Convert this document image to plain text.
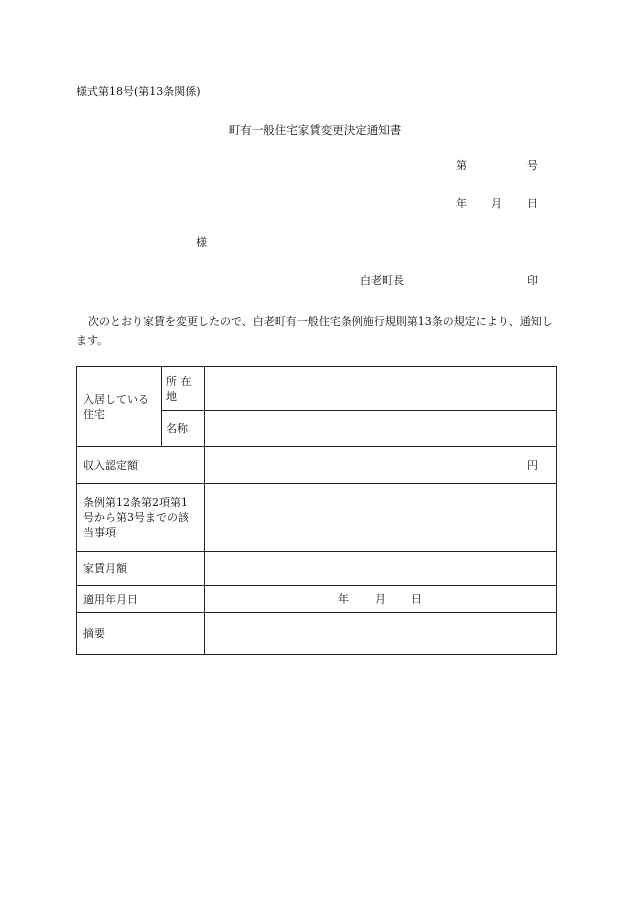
様式第18号(第13条関係)
町有一般住宅家賃変更決定通知書
第	号
年 月 日
様
白老町長	印
次のとおり家賃を変更したので、白老町有一般住宅条例施行規則第13条の規定により、通知します。
入居している住宅	所 在 地	
	名称	
収入認定額		円
条例第12条第2項第1号から第3号までの該当事項		
家賃月額		
適用年月日		年 月 日

摘要		
